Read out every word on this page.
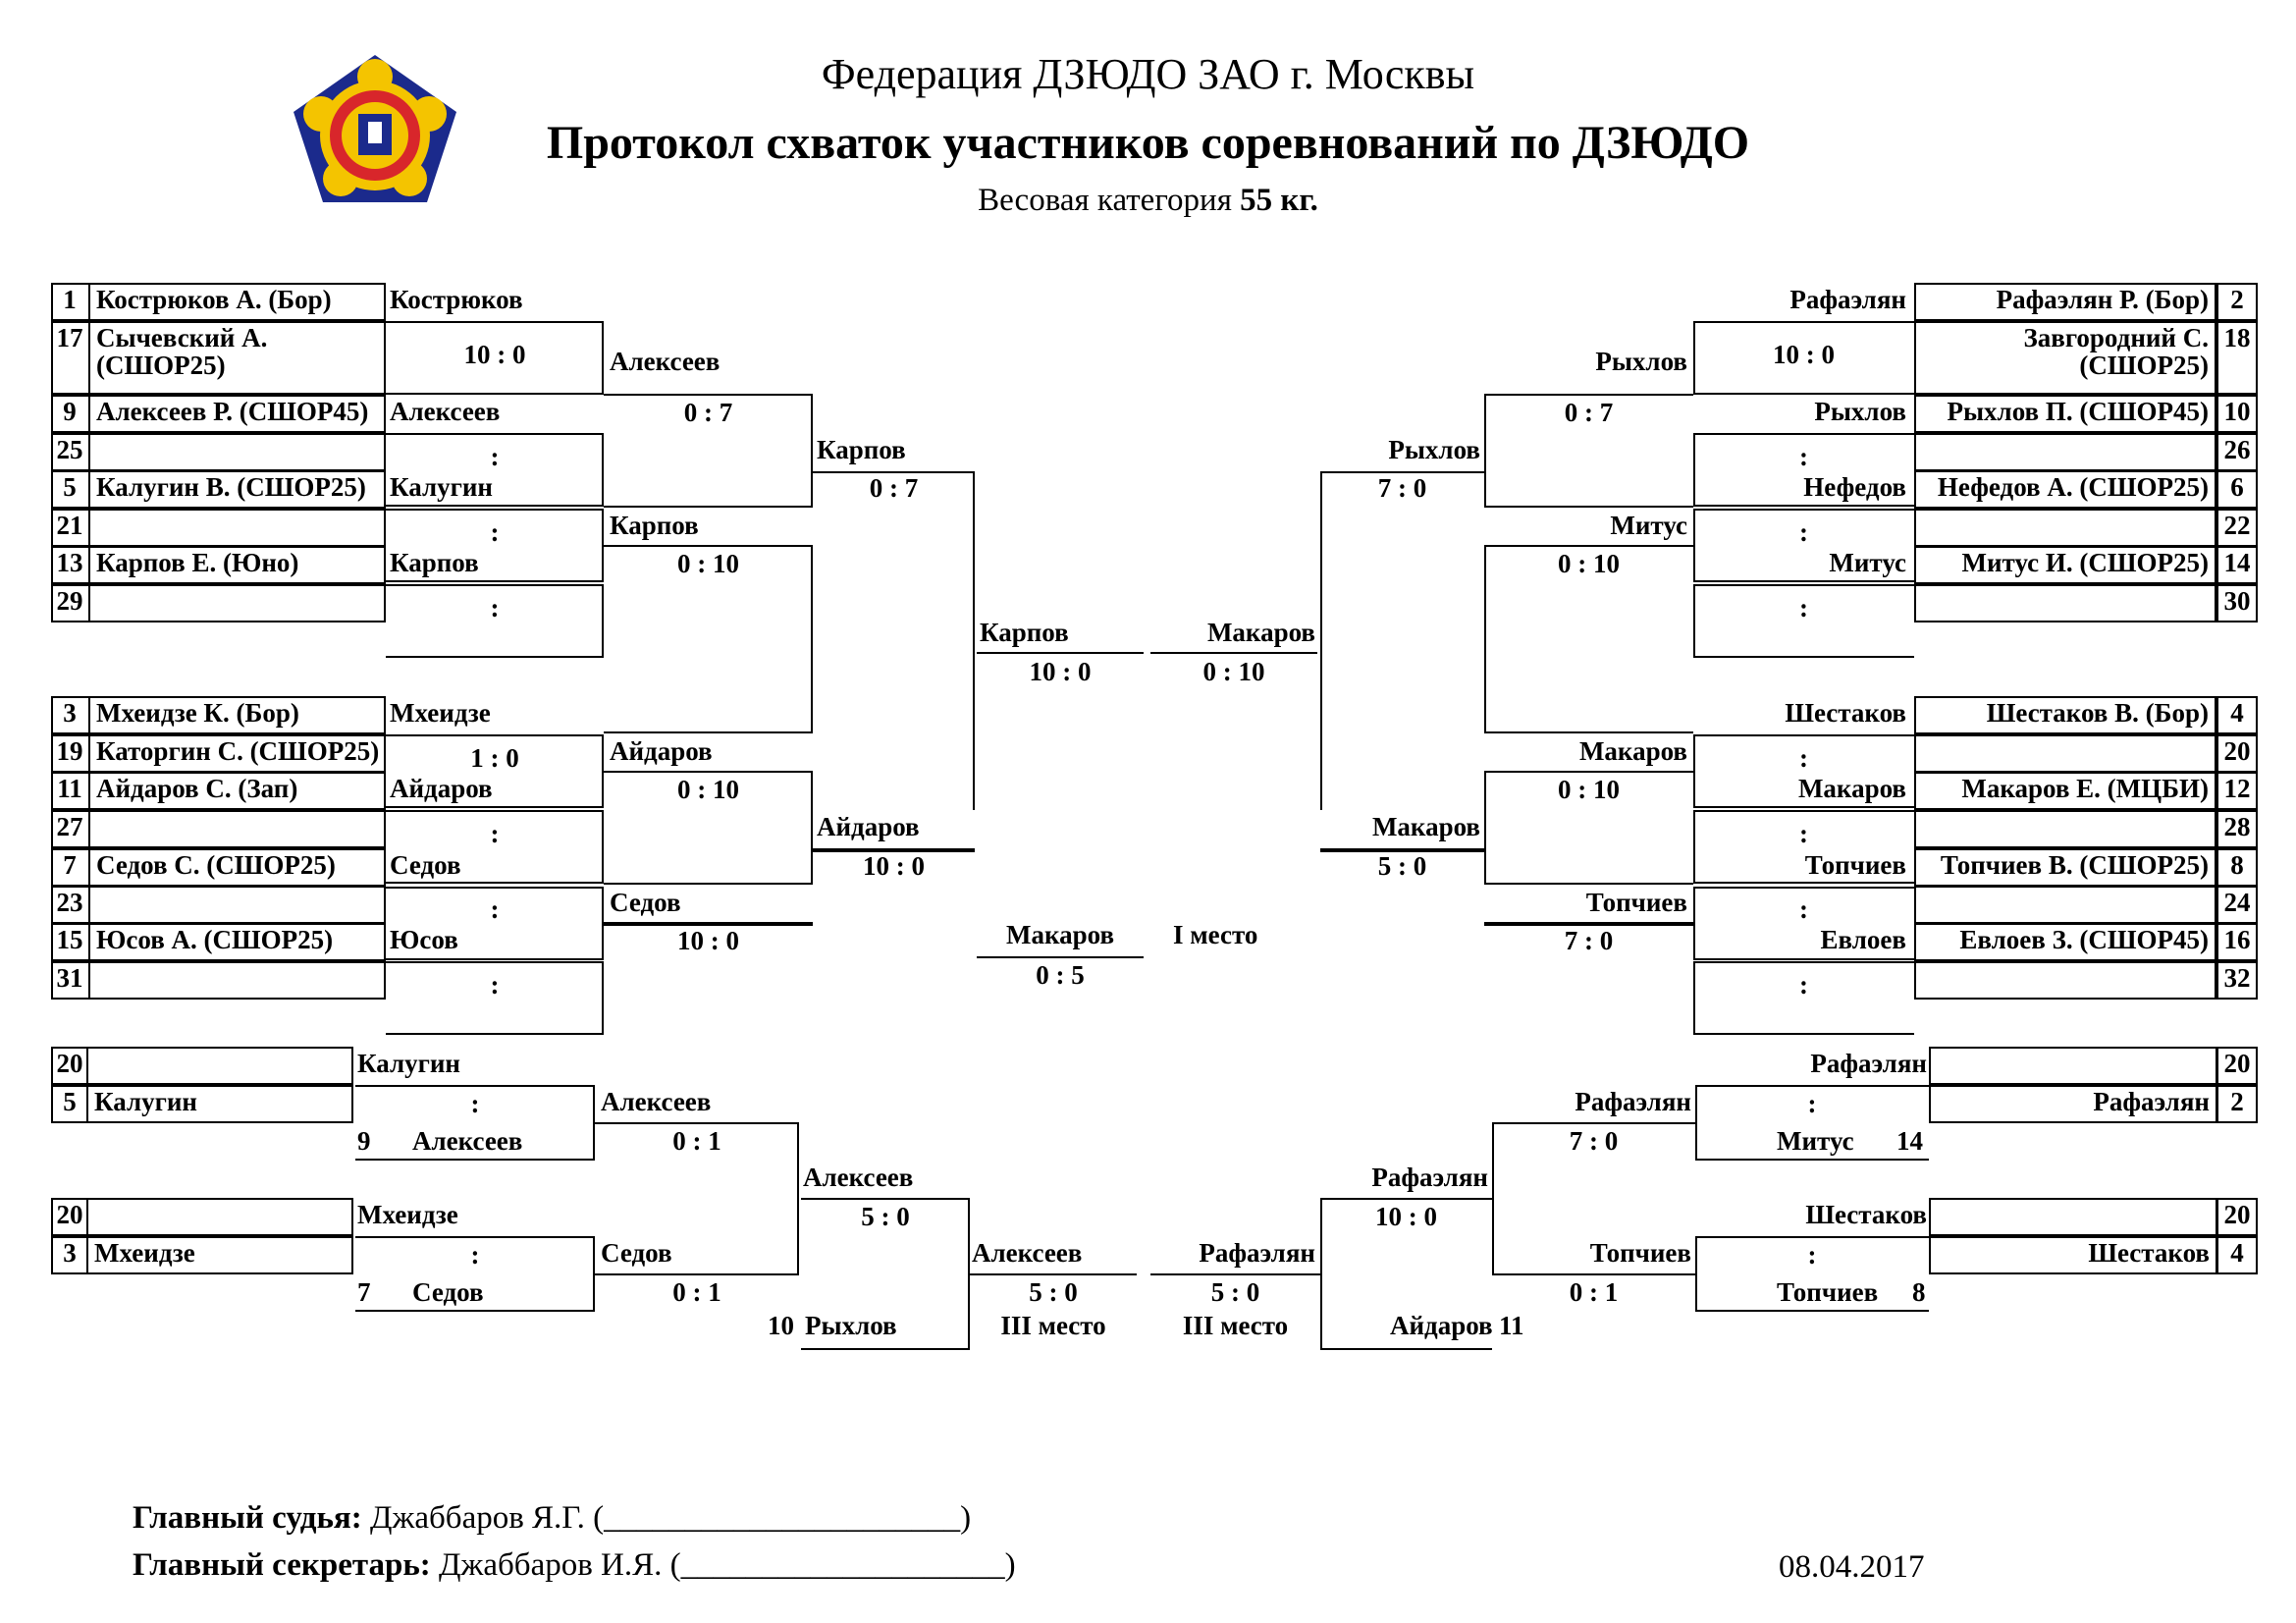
Федерация ДЗЮДО ЗАО г. Москвы
Протокол схваток участников соревнований по ДЗЮДО
Весовая категория 55 кг.
1 Кострюков А. (Бор)
17 Сычевский А.
(СШОР25)
9 Алексеев Р. (СШОР45)
25
5 Калугин В. (СШОР25)
21
13 Карпов Е. (Юно)
29
3 Мхеидзе К. (Бор)
19 Каторгин С. (СШОР25)
11 Айдаров С. (Зап)
27
7 Седов С. (СШОР25)
23
15 Юсов А. (СШОР25)
31
Рафаэлян Р. (Бор) 2
Завгородний С.
(СШОР25)
18
Рыхлов П. (СШОР45) 10
26
Нефедов А. (СШОР25) 6
22
Митус И. (СШОР25) 14
30
Шестаков В. (Бор) 4
20
Макаров Е. (МЦБИ) 12
28
Топчиев В. (СШОР25) 8
24
Евлоев З. (СШОР45) 16
32
Кострюков
10 : 0
Алексеев
:
Калугин
:
Карпов
:
Мхеидзе
1 : 0
Айдаров
:
Седов
:
Юсов
:
Алексеев
0 : 7
Карпов
0 : 10
Айдаров
0 : 10
Седов
10 : 0
Карпов
0 : 7
Айдаров
10 : 0
Рафаэлян
10 : 0
Рыхлов
:
Нефедов
:
Митус
:
Шестаков
:
Макаров
:
Топчиев
:
Евлоев
:
Рыхлов
0 : 7
Митус
0 : 10
Макаров
0 : 10
Топчиев
7 : 0
Рыхлов
7 : 0
Макаров
5 : 0
Карпов
10 : 0
Макаров
0 : 10
Макаров
0 : 5
I место
20
5 Калугин
20
3 Мхеидзе
Калугин
:
9 Алексеев
Мхеидзе
:
7 Седов
Алексеев
0 : 1
Седов
0 : 1
Алексеев
5 : 0
10 Рыхлов
Алексеев
5 : 0
III место
20
2
Рафаэлян
20
4
Шестаков
Рафаэлян
:
Митус 14
Шестаков
:
Топчиев 8
Рафаэлян
7 : 0
Топчиев
0 : 1
Рафаэлян
10 : 0
Айдаров 11
Рафаэлян
5 : 0
III место
Главный судья: Джаббаров Я.Г. (______________________)
Главный секретарь: Джаббаров И.Я. (____________________)	08.04.2017
